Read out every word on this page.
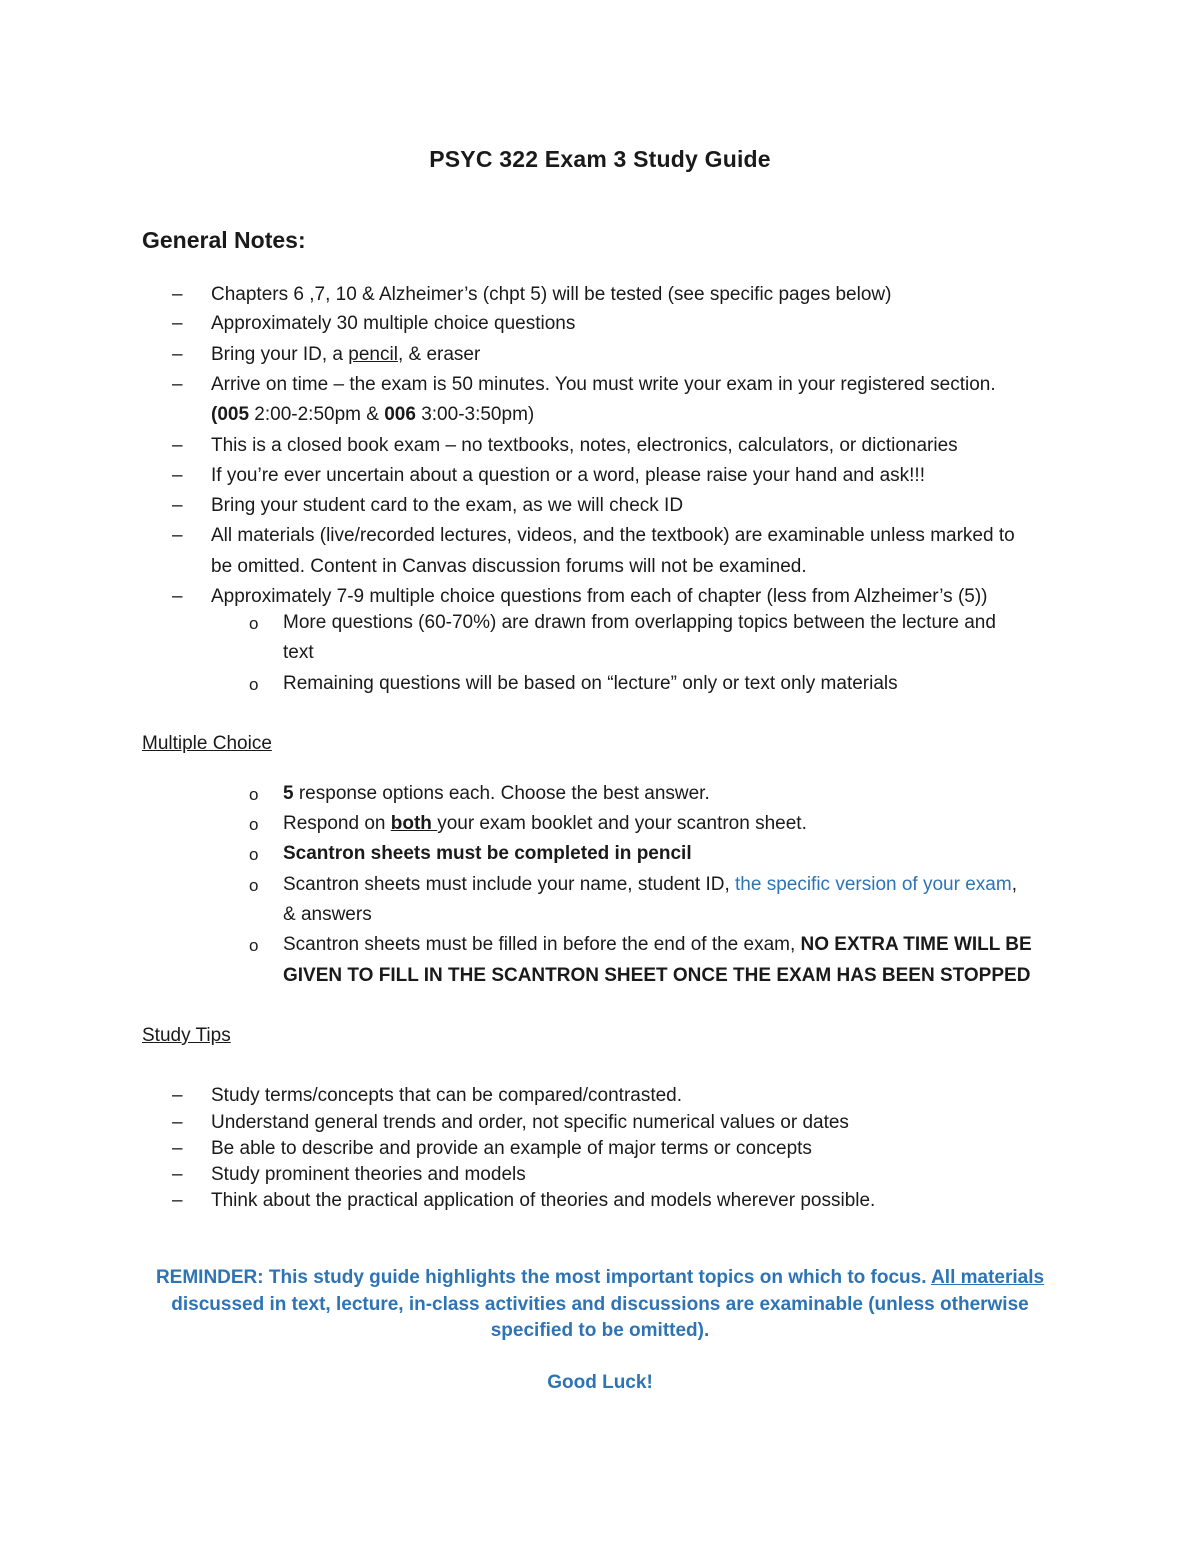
PSYC 322 Exam 3 Study Guide
General Notes:
– Chapters 6 ,7, 10 & Alzheimer’s (chpt 5) will be tested (see specific pages below)
– Approximately 30 multiple choice questions
– Bring your ID, a pencil, & eraser
– Arrive on time – the exam is 50 minutes. You must write your exam in your registered section.
(005 2:00-2:50pm & 006 3:00-3:50pm)
– This is a closed book exam – no textbooks, notes, electronics, calculators, or dictionaries
– If you’re ever uncertain about a question or a word, please raise your hand and ask!!!
– Bring your student card to the exam, as we will check ID
– All materials (live/recorded lectures, videos, and the textbook) are examinable unless marked to
be omitted. Content in Canvas discussion forums will not be examined.
– Approximately 7-9 multiple choice questions from each of chapter (less from Alzheimer’s (5))
o More questions (60-70%) are drawn from overlapping topics between the lecture and
text
o Remaining questions will be based on “lecture” only or text only materials
Multiple Choice
o 5 response options each. Choose the best answer.
o Respond on both your exam booklet and your scantron sheet.
o Scantron sheets must be completed in pencil
o Scantron sheets must include your name, student ID, the specific version of your exam,
& answers
o Scantron sheets must be filled in before the end of the exam, NO EXTRA TIME WILL BE
GIVEN TO FILL IN THE SCANTRON SHEET ONCE THE EXAM HAS BEEN STOPPED
Study Tips
– Study terms/concepts that can be compared/contrasted.
– Understand general trends and order, not specific numerical values or dates
– Be able to describe and provide an example of major terms or concepts
– Study prominent theories and models
– Think about the practical application of theories and models wherever possible.
REMINDER: This study guide highlights the most important topics on which to focus. All materials discussed in text, lecture, in-class activities and discussions are examinable (unless otherwise specified to be omitted).
Good Luck!
